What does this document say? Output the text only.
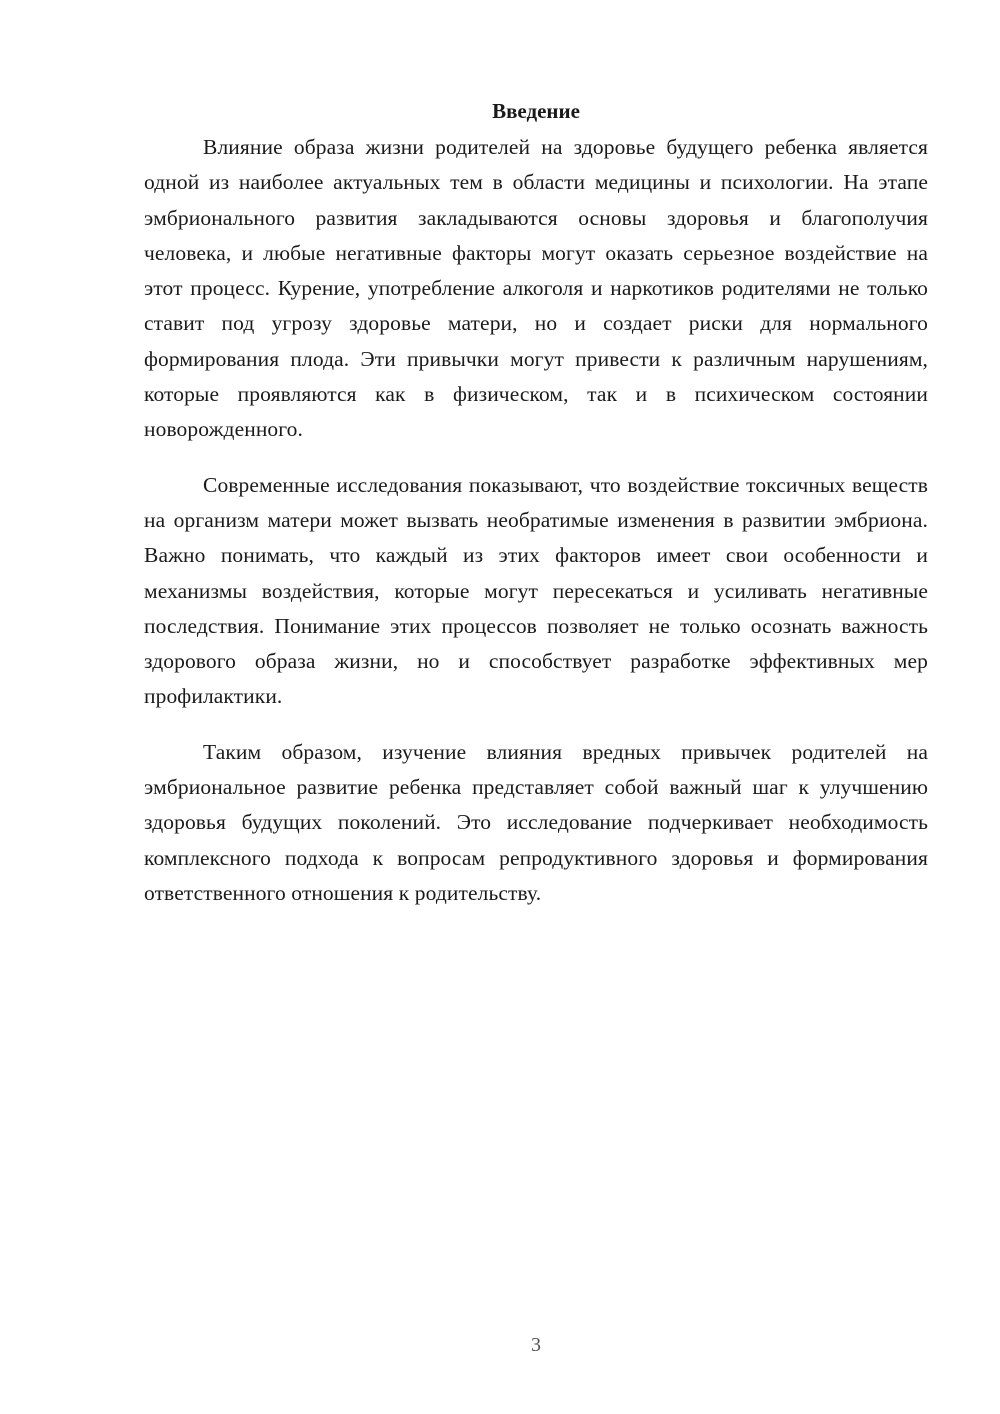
Введение

Влияние образа жизни родителей на здоровье будущего ребенка является одной из наиболее актуальных тем в области медицины и психологии. На этапе эмбрионального развития закладываются основы здоровья и благополучия человека, и любые негативные факторы могут оказать серьезное воздействие на этот процесс. Курение, употребление алкоголя и наркотиков родителями не только ставит под угрозу здоровье матери, но и создает риски для нормального формирования плода. Эти привычки могут привести к различным нарушениям, которые проявляются как в физическом, так и в психическом состоянии новорожденного.

Современные исследования показывают, что воздействие токсичных веществ на организм матери может вызвать необратимые изменения в развитии эмбриона. Важно понимать, что каждый из этих факторов имеет свои особенности и механизмы воздействия, которые могут пересекаться и усиливать негативные последствия. Понимание этих процессов позволяет не только осознать важность здорового образа жизни, но и способствует разработке эффективных мер профилактики.

Таким образом, изучение влияния вредных привычек родителей на эмбриональное развитие ребенка представляет собой важный шаг к улучшению здоровья будущих поколений. Это исследование подчеркивает необходимость комплексного подхода к вопросам репродуктивного здоровья и формирования ответственного отношения к родительству.

3
